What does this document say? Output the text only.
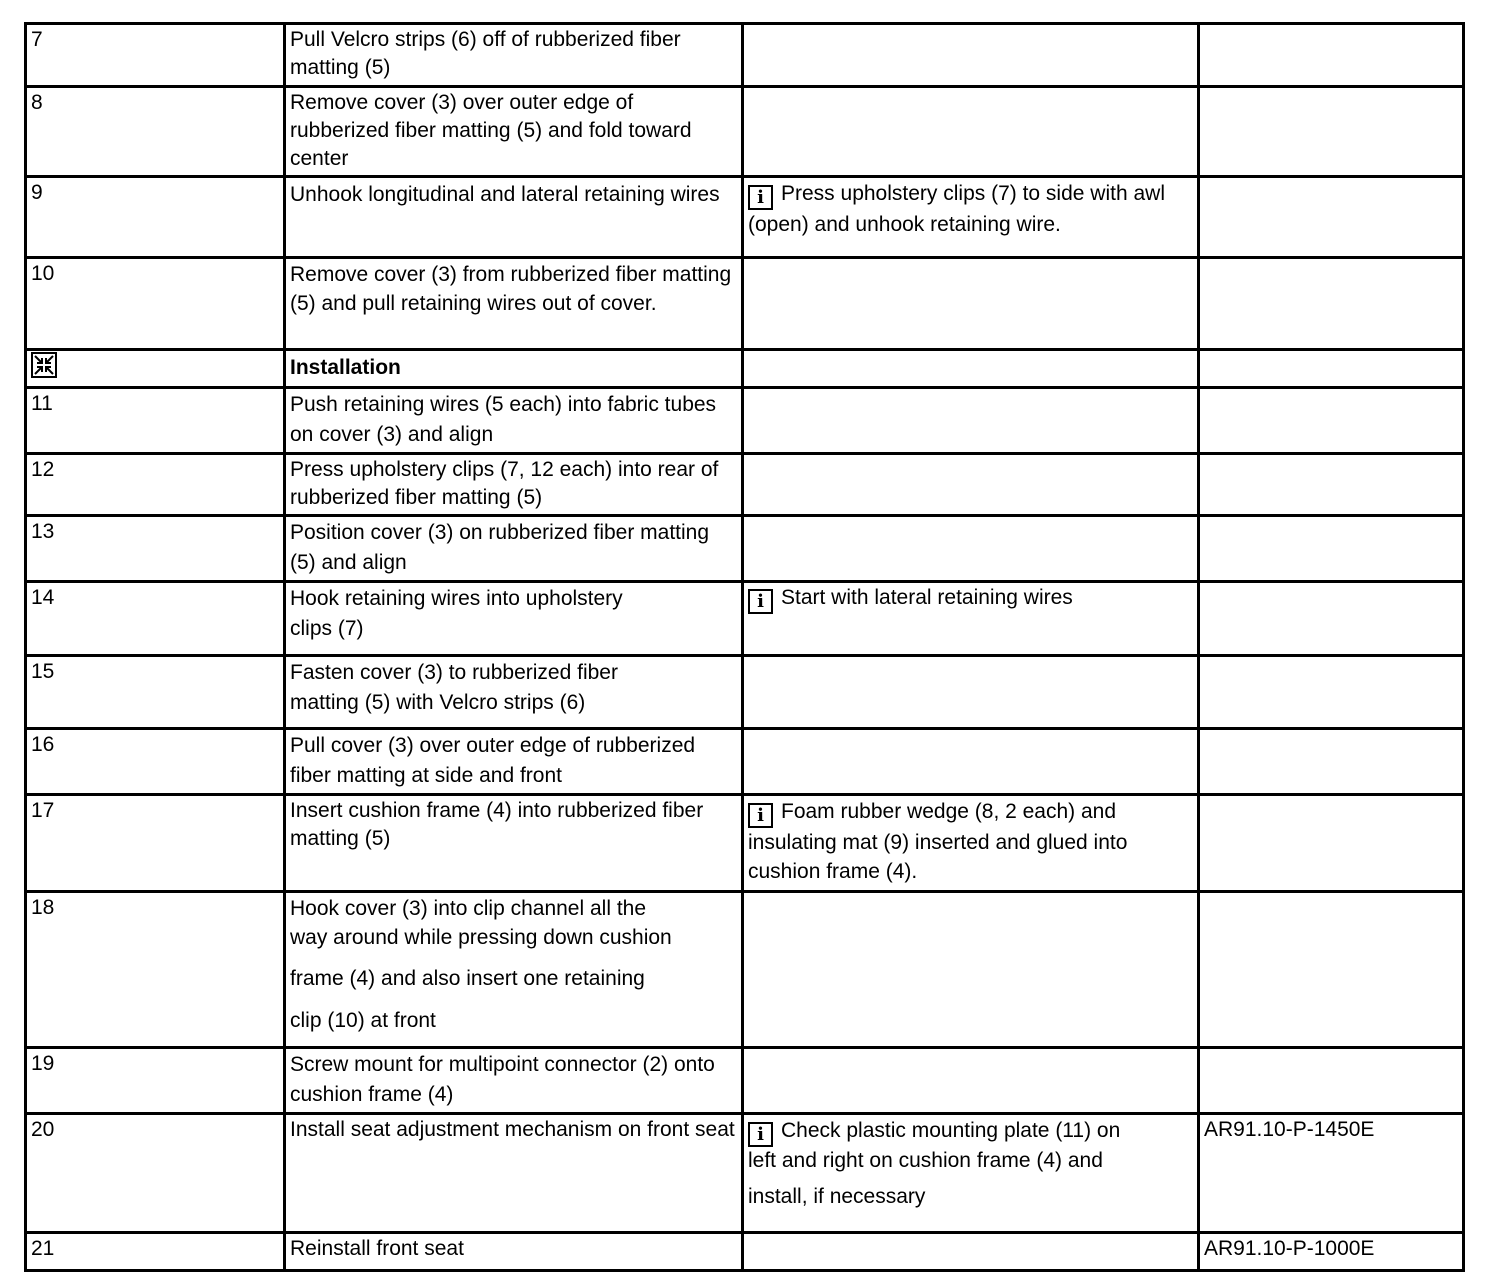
7	Pull Velcro strips (6) off of rubberized fiber matting (5)		
8	Remove cover (3) over outer edge of rubberized fiber matting (5) and fold toward center		
9	Unhook longitudinal and lateral retaining wires	i Press upholstery clips (7) to side with awl (open) and unhook retaining wire.	
10	Remove cover (3) from rubberized fiber matting (5) and pull retaining wires out of cover.		
	Installation		
11	Push retaining wires (5 each) into fabric tubes on cover (3) and align		
12	Press upholstery clips (7, 12 each) into rear of rubberized fiber matting (5)		
13	Position cover (3) on rubberized fiber matting (5) and align		
14	Hook retaining wires into upholstery clips (7)	i Start with lateral retaining wires	
15	Fasten cover (3) to rubberized fiber matting (5) with Velcro strips (6)		
16	Pull cover (3) over outer edge of rubberized fiber matting at side and front		
17	Insert cushion frame (4) into rubberized fiber matting (5)	i Foam rubber wedge (8, 2 each) and insulating mat (9) inserted and glued into cushion frame (4).	
18	Hook cover (3) into clip channel all the
way around while pressing down cushion
frame (4) and also insert one retaining
clip (10) at front		

19	Screw mount for multipoint connector (2) onto cushion frame (4)		
20	Install seat adjustment mechanism on front seat	i Check plastic mounting plate (11) on
left and right on cushion frame (4) and
install, if necessary	AR91.10-P-1450E
21	Reinstall front seat		AR91.10-P-1000E
